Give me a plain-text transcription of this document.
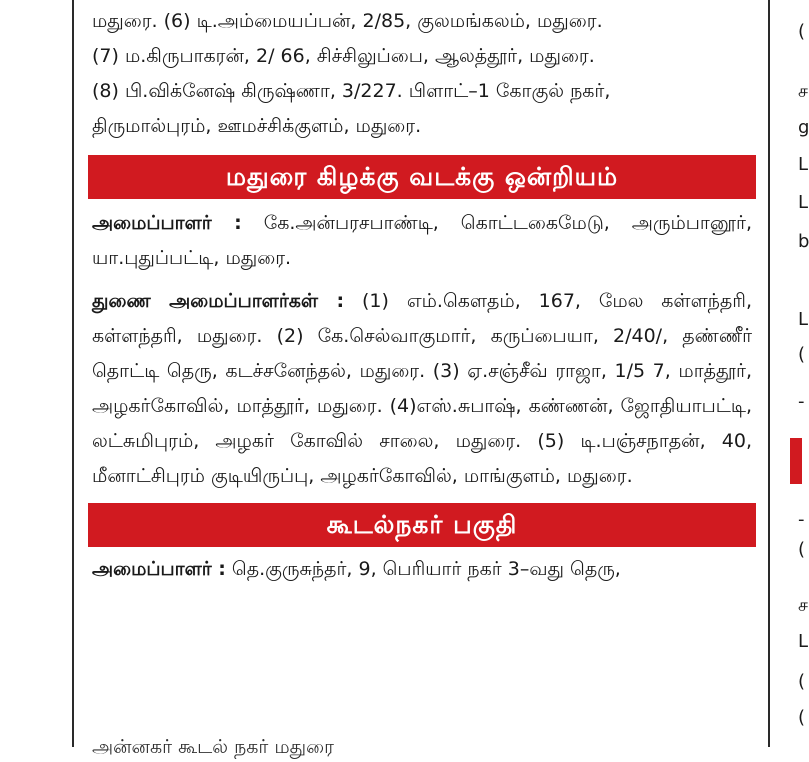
மதுரை. (6) டி.அம்மையப்பன், 2/85, குலமங்கலம், மதுரை.
(7) ம.கிருபாகரன், 2/ 66, சிச்சிலுப்பை, ஆலத்தூர், மதுரை.
(8) பி.விக்னேஷ் கிருஷ்ணா, 3/227. பிளாட்–1 கோகுல் நகர்,
திருமால்புரம், ஊமச்சிக்குளம், மதுரை.

மதுரை கிழக்கு வடக்கு ஒன்றியம்

அமைப்பாளர் : கே.அன்பரசபாண்டி, கொட்டகைமேடு, அரும்பானூர், யா.புதுப்பட்டி, மதுரை.

துணை அமைப்பாளர்கள் : (1) எம்.கௌதம், 167, மேல கள்ளந்தரி, கள்ளந்தரி, மதுரை. (2) கே.செல்வாகுமார், கருப்பையா, 2/40/, தண்ணீர் தொட்டி தெரு, கடச்சனேந்தல், மதுரை. (3) ஏ.சஞ்சீவ் ராஜா, 1/5 7, மாத்தூர், அழகர்கோவில், மாத்தூர், மதுரை. (4)எஸ்.சுபாஷ், கண்ணன், ஜோதியாபட்டி, லட்சுமிபுரம், அழகர் கோவில் சாலை, மதுரை. (5) டி.பஞ்சநாதன், 40, மீனாட்சிபுரம் குடியிருப்பு, அழகர்கோவில், மாங்குளம், மதுரை.

கூடல்நகர் பகுதி

அமைப்பாளர் : தெ.குருசுந்தர், 9, பெரியார் நகர் 3–வது தெரு,

அன்னகர் கூடல் நகர் மதுரை
(
ச
g
L
L
b
L
(
-
-
(
ச
L
(
(
